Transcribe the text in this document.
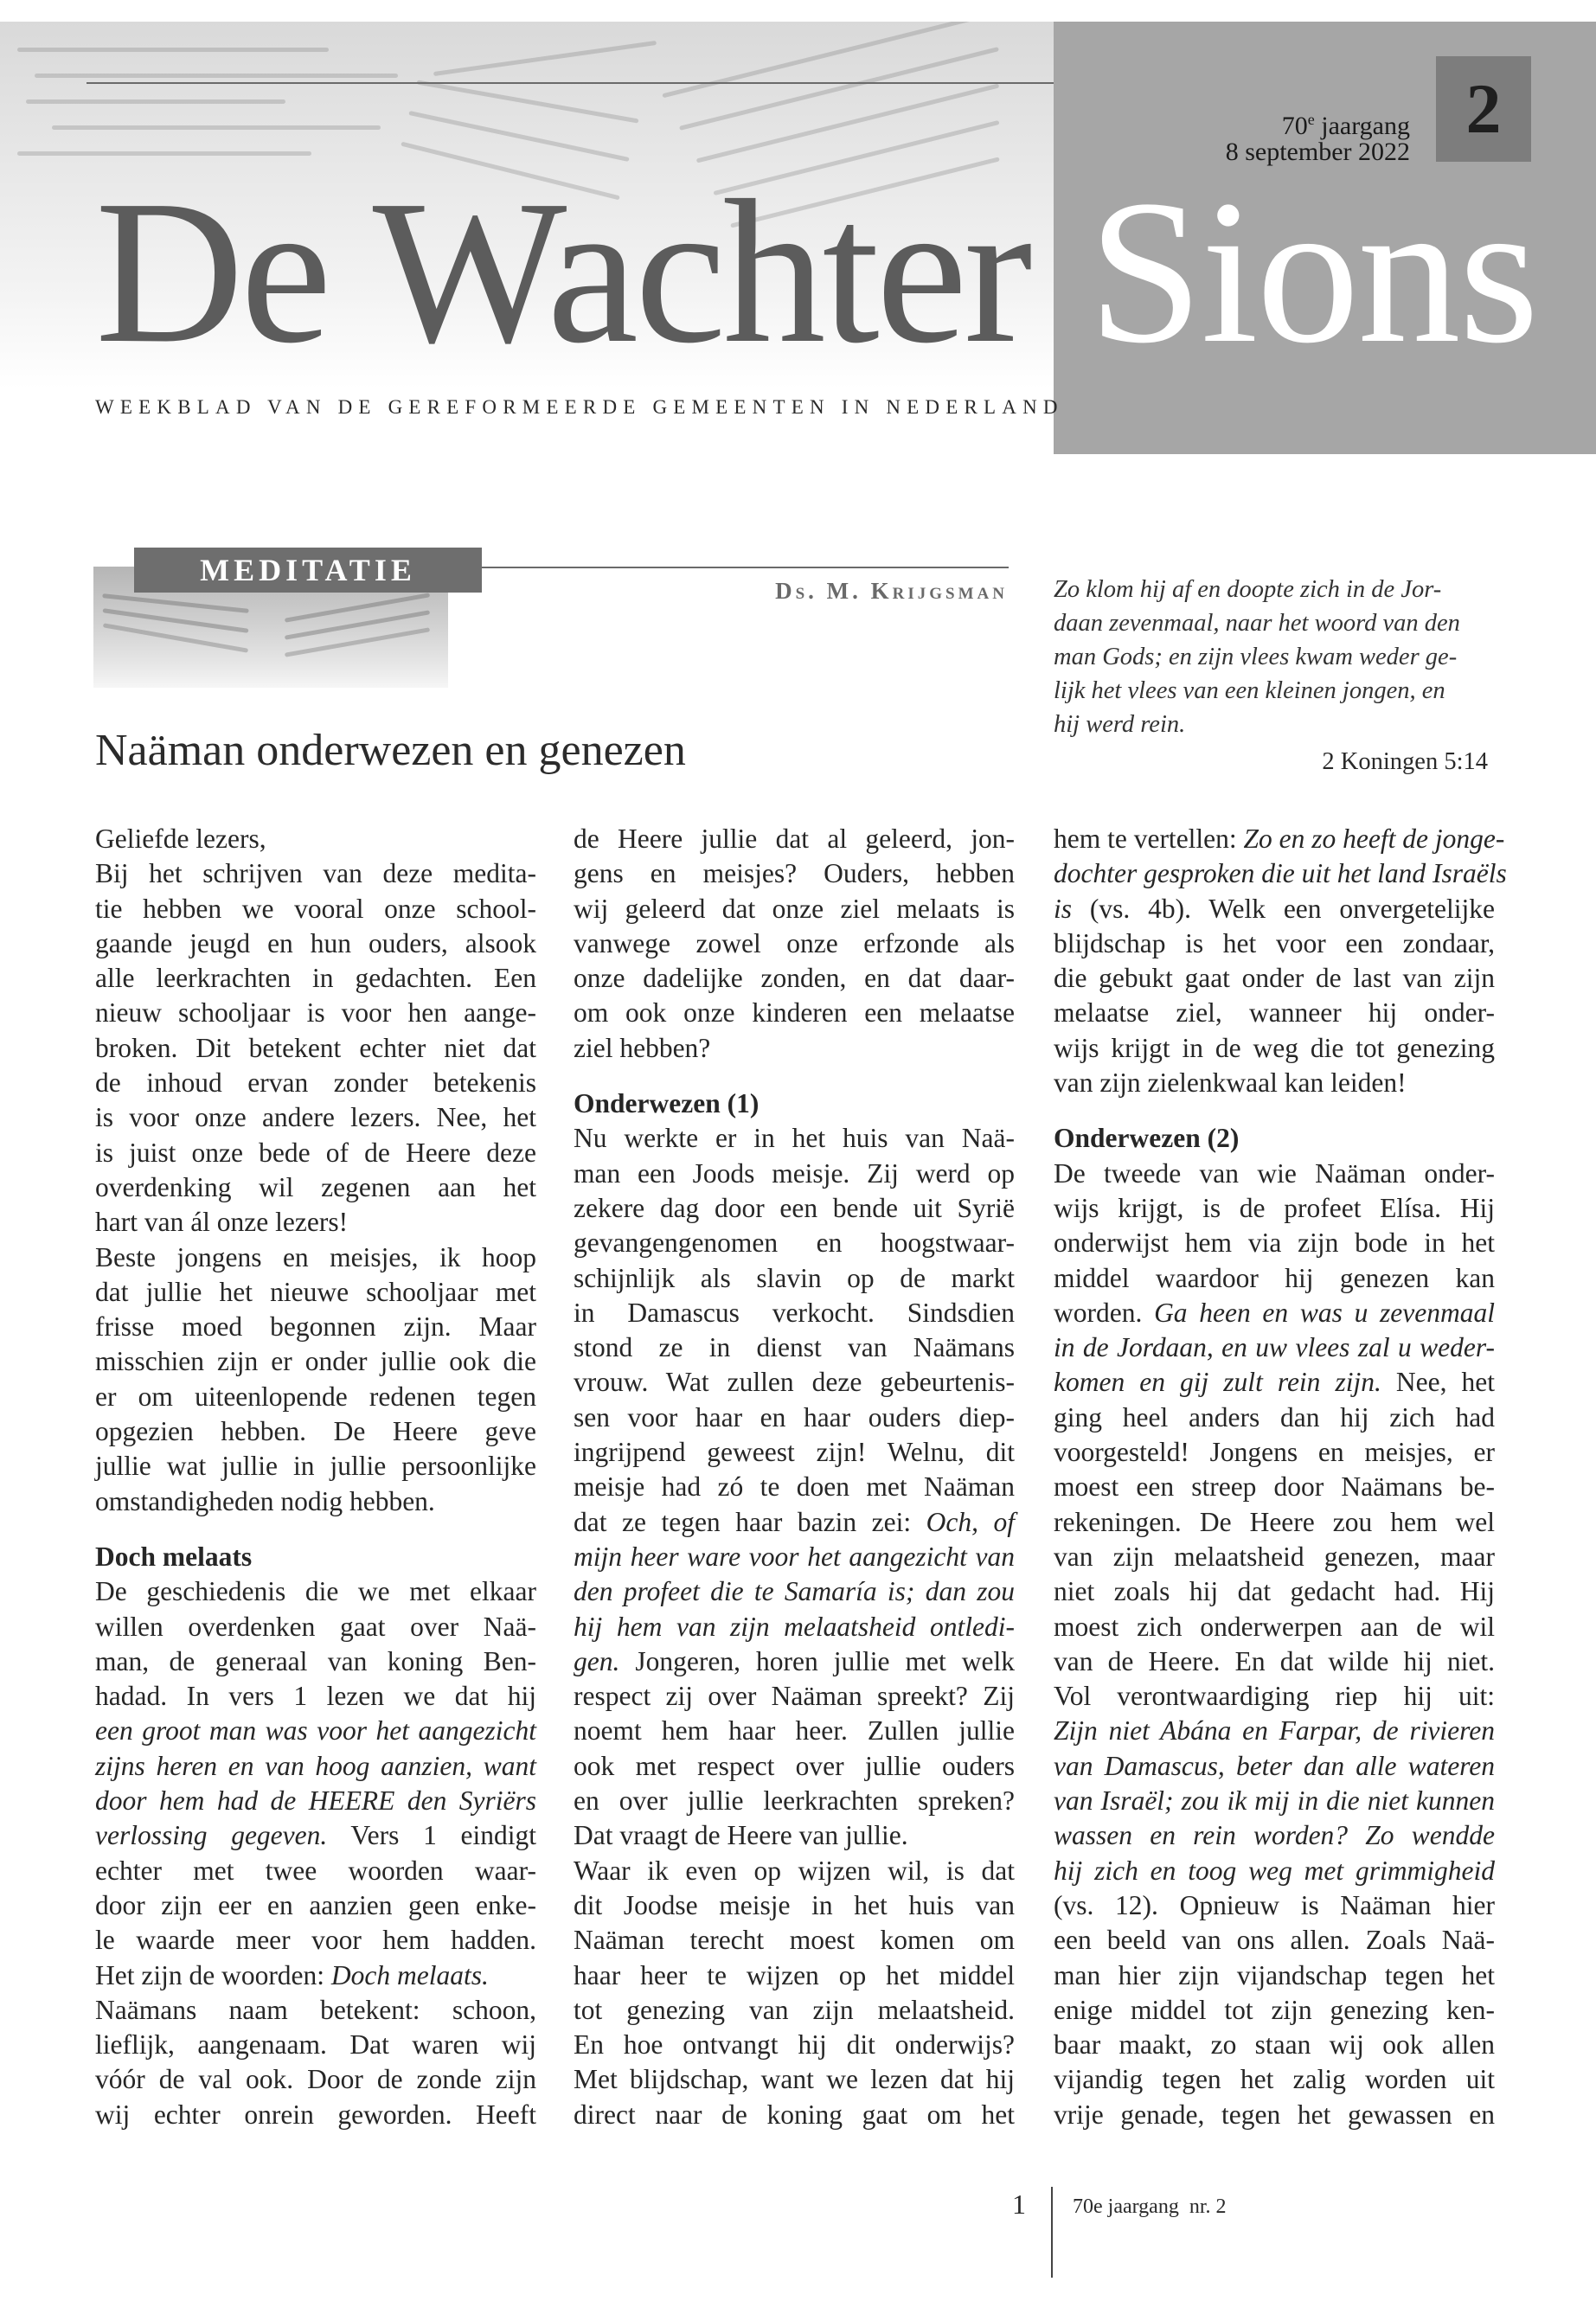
2
70e jaargang
8 september 2022
De Wachter Sions
WEEKBLAD VAN DE GEREFORMEERDE GEMEENTEN IN NEDERLAND
MEDITATIE
Ds. M. Krijgsman
Naäman onderwezen en genezen
Zo klom hij af en doopte zich in de Jor-
daan zevenmaal, naar het woord van den
man Gods; en zijn vlees kwam weder ge-
lijk het vlees van een kleinen jongen, en
hij werd rein.
2 Koningen 5:14
Geliefde lezers,
Bij het schrijven van deze medita-
tie hebben we vooral onze school-
gaande jeugd en hun ouders, alsook
alle leerkrachten in gedachten. Een
nieuw schooljaar is voor hen aange-
broken. Dit betekent echter niet dat
de inhoud ervan zonder betekenis
is voor onze andere lezers. Nee, het
is juist onze bede of de Heere deze
overdenking wil zegenen aan het
hart van ál onze lezers!
Beste jongens en meisjes, ik hoop
dat jullie het nieuwe schooljaar met
frisse moed begonnen zijn. Maar
misschien zijn er onder jullie ook die
er om uiteenlopende redenen tegen
opgezien hebben. De Heere geve
jullie wat jullie in jullie persoonlijke
omstandigheden nodig hebben.
Doch melaats
De geschiedenis die we met elkaar
willen overdenken gaat over Naä-
man, de generaal van koning Ben-
hadad. In vers 1 lezen we dat hij
een groot man was voor het aangezicht
zijns heren en van hoog aanzien, want
door hem had de HEERE den Syriërs
verlossing gegeven. Vers 1 eindigt
echter met twee woorden waar-
door zijn eer en aanzien geen enke-
le waarde meer voor hem hadden.
Het zijn de woorden: Doch melaats.
Naämans naam betekent: schoon,
lieflijk, aangenaam. Dat waren wij
vóór de val ook. Door de zonde zijn
wij echter onrein geworden. Heeft
de Heere jullie dat al geleerd, jon-
gens en meisjes? Ouders, hebben
wij geleerd dat onze ziel melaats is
vanwege zowel onze erfzonde als
onze dadelijke zonden, en dat daar-
om ook onze kinderen een melaatse
ziel hebben?
Onderwezen (1)
Nu werkte er in het huis van Naä-
man een Joods meisje. Zij werd op
zekere dag door een bende uit Syrië
gevangengenomen en hoogstwaar-
schijnlijk als slavin op de markt
in Damascus verkocht. Sindsdien
stond ze in dienst van Naämans
vrouw. Wat zullen deze gebeurtenis-
sen voor haar en haar ouders diep-
ingrijpend geweest zijn! Welnu, dit
meisje had zó te doen met Naäman
dat ze tegen haar bazin zei: Och, of
mijn heer ware voor het aangezicht van
den profeet die te Samaría is; dan zou
hij hem van zijn melaatsheid ontledi-
gen. Jongeren, horen jullie met welk
respect zij over Naäman spreekt? Zij
noemt hem haar heer. Zullen jullie
ook met respect over jullie ouders
en over jullie leerkrachten spreken?
Dat vraagt de Heere van jullie.
Waar ik even op wijzen wil, is dat
dit Joodse meisje in het huis van
Naäman terecht moest komen om
haar heer te wijzen op het middel
tot genezing van zijn melaatsheid.
En hoe ontvangt hij dit onderwijs?
Met blijdschap, want we lezen dat hij
direct naar de koning gaat om het
hem te vertellen: Zo en zo heeft de jonge-
dochter gesproken die uit het land Israëls
is (vs. 4b). Welk een onvergetelijke
blijdschap is het voor een zondaar,
die gebukt gaat onder de last van zijn
melaatse ziel, wanneer hij onder-
wijs krijgt in de weg die tot genezing
van zijn zielenkwaal kan leiden!
Onderwezen (2)
De tweede van wie Naäman onder-
wijs krijgt, is de profeet Elísa. Hij
onderwijst hem via zijn bode in het
middel waardoor hij genezen kan
worden. Ga heen en was u zevenmaal
in de Jordaan, en uw vlees zal u weder-
komen en gij zult rein zijn. Nee, het
ging heel anders dan hij zich had
voorgesteld! Jongens en meisjes, er
moest een streep door Naämans be-
rekeningen. De Heere zou hem wel
van zijn melaatsheid genezen, maar
niet zoals hij dat gedacht had. Hij
moest zich onderwerpen aan de wil
van de Heere. En dat wilde hij niet.
Vol verontwaardiging riep hij uit:
Zijn niet Abána en Farpar, de rivieren
van Damascus, beter dan alle wateren
van Israël; zou ik mij in die niet kunnen
wassen en rein worden? Zo wendde
hij zich en toog weg met grimmigheid
(vs. 12). Opnieuw is Naäman hier
een beeld van ons allen. Zoals Naä-
man hier zijn vijandschap tegen het
enige middel tot zijn genezing ken-
baar maakt, zo staan wij ook allen
vijandig tegen het zalig worden uit
vrije genade, tegen het gewassen en
1 70e jaargang  nr. 2
